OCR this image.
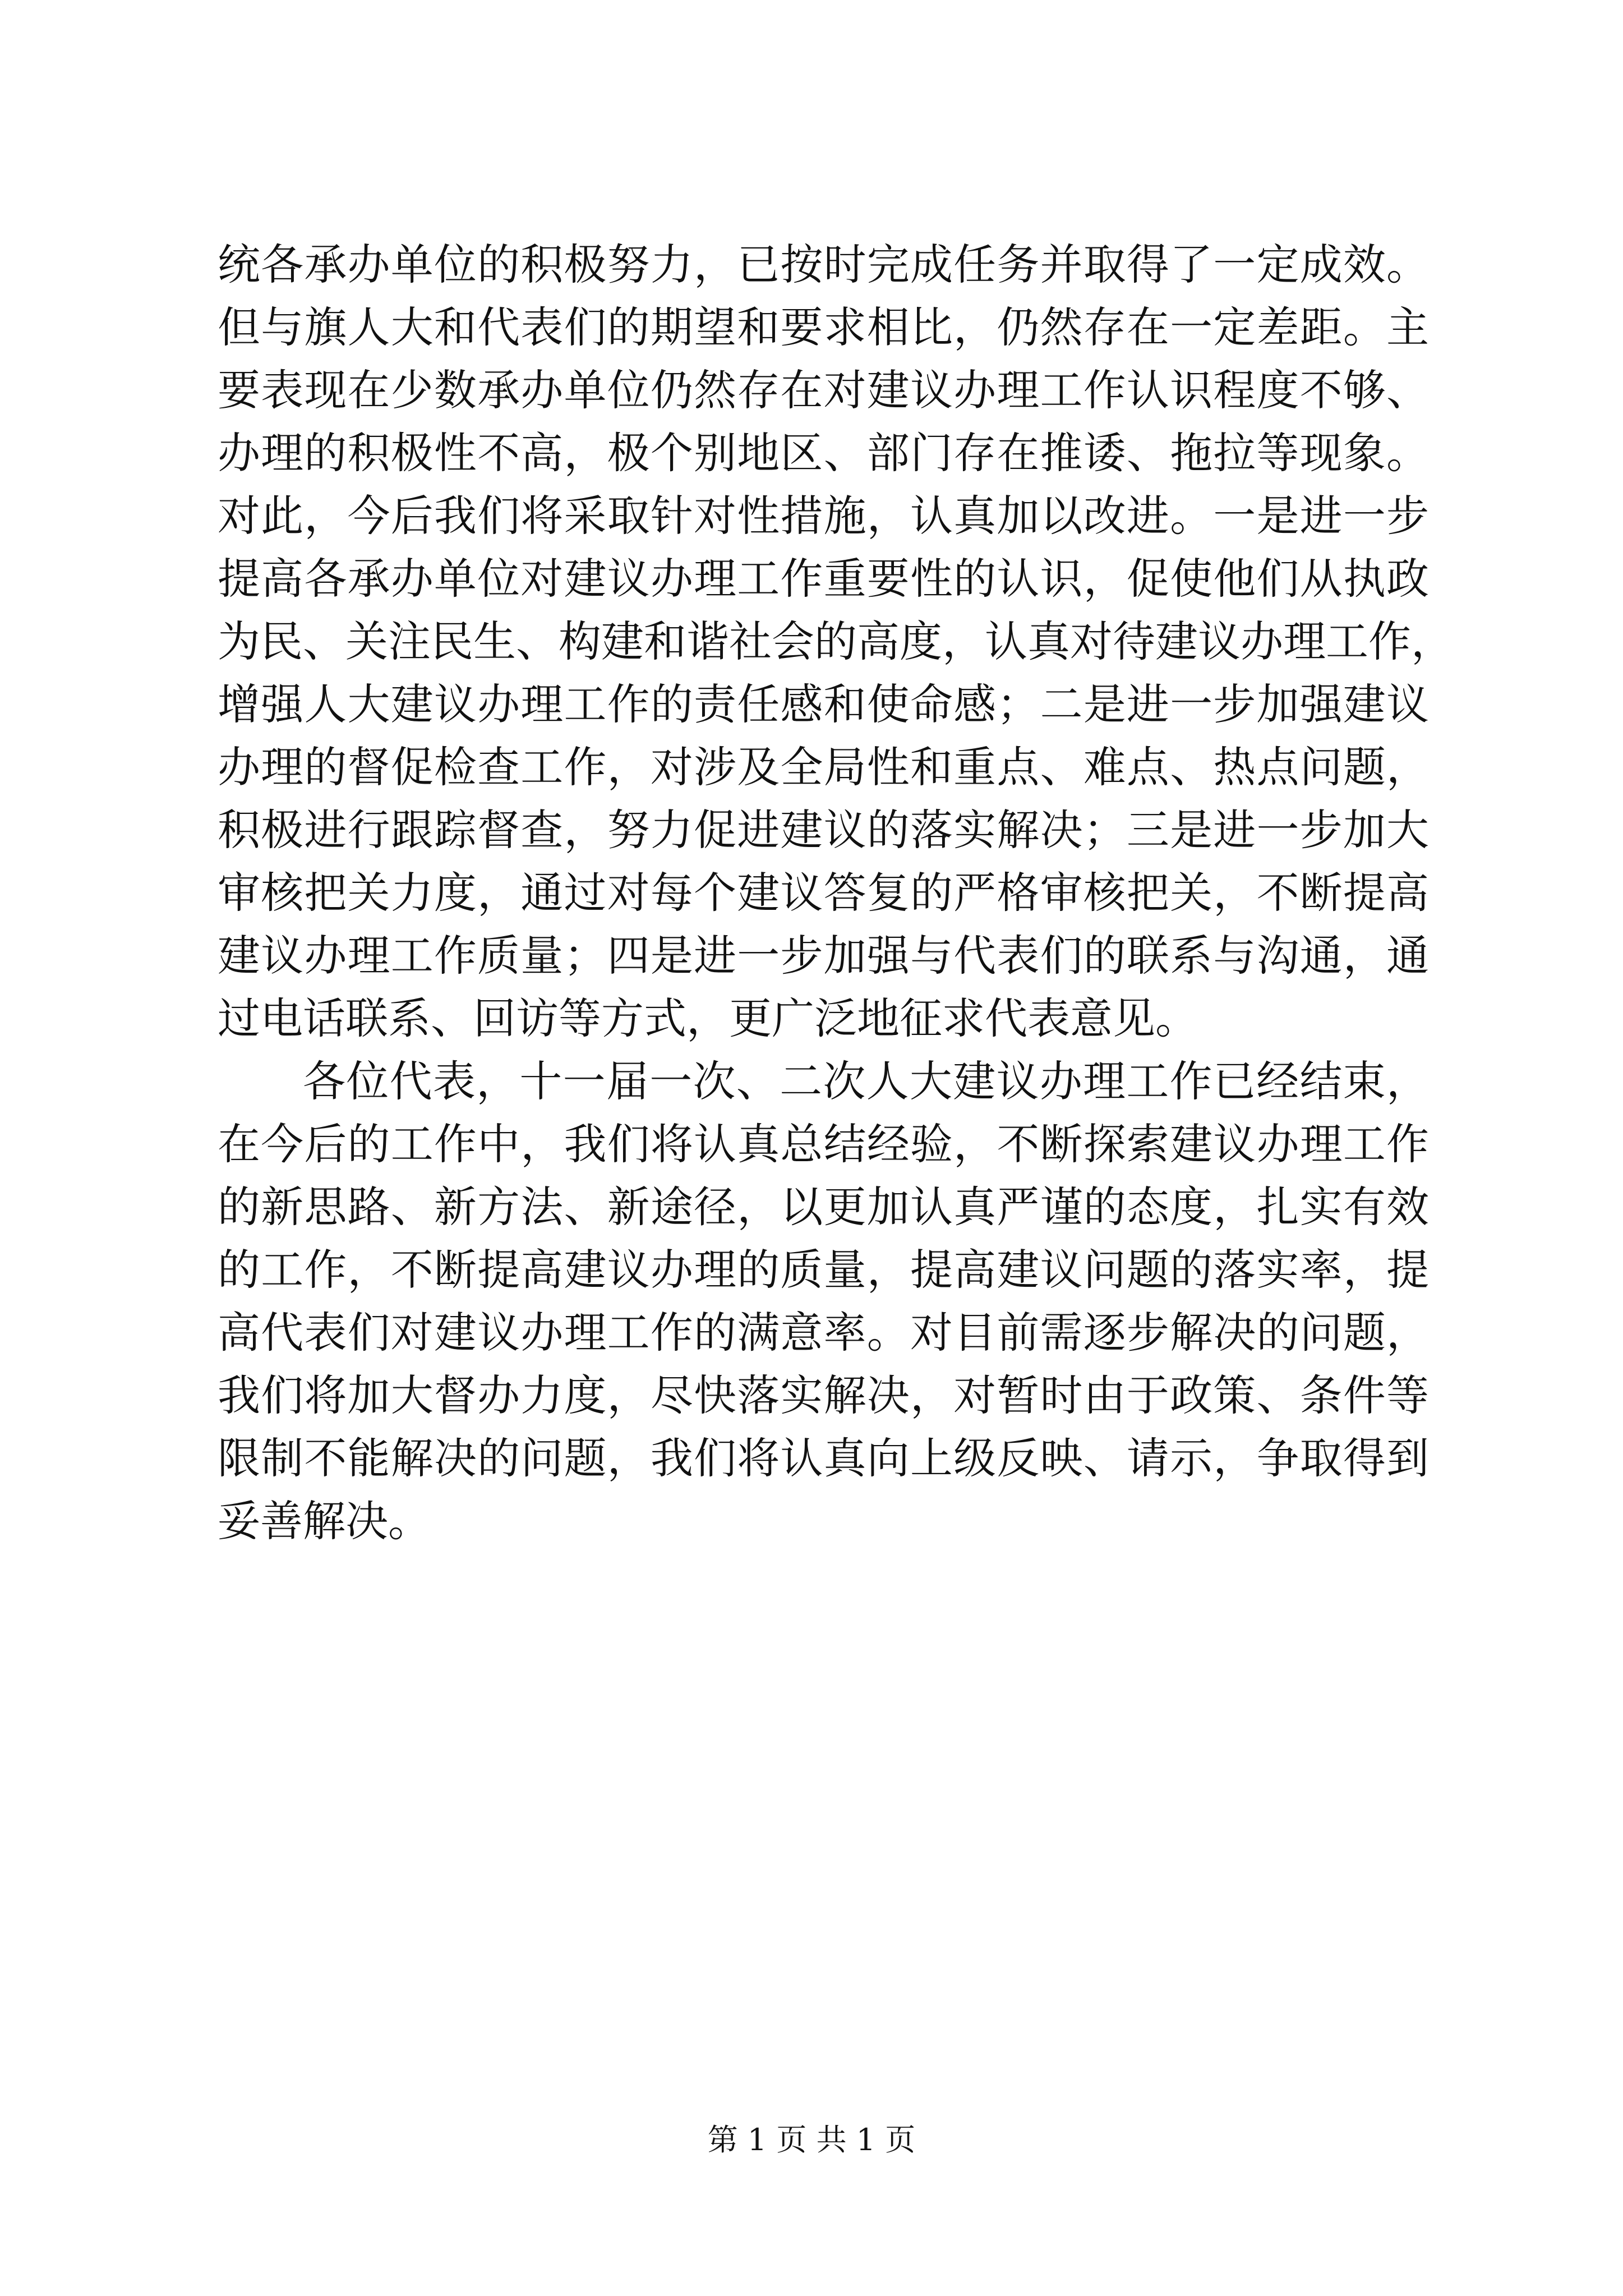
统各承办单位的积极努力，已按时完成任务并取得了一定成效。
但与旗人大和代表们的期望和要求相比，仍然存在一定差距。主
要表现在少数承办单位仍然存在对建议办理工作认识程度不够、
办理的积极性不高，极个别地区、部门存在推诿、拖拉等现象。
对此，今后我们将采取针对性措施，认真加以改进。一是进一步
提高各承办单位对建议办理工作重要性的认识，促使他们从执政
为民、关注民生、构建和谐社会的高度，认真对待建议办理工作，
增强人大建议办理工作的责任感和使命感；二是进一步加强建议
办理的督促检查工作，对涉及全局性和重点、难点、热点问题，
积极进行跟踪督查，努力促进建议的落实解决；三是进一步加大
审核把关力度，通过对每个建议答复的严格审核把关，不断提高
建议办理工作质量；四是进一步加强与代表们的联系与沟通，通
过电话联系、回访等方式，更广泛地征求代表意见。
各位代表，十一届一次、二次人大建议办理工作已经结束，
在今后的工作中，我们将认真总结经验，不断探索建议办理工作
的新思路、新方法、新途径，以更加认真严谨的态度，扎实有效
的工作，不断提高建议办理的质量，提高建议问题的落实率，提
高代表们对建议办理工作的满意率。对目前需逐步解决的问题，
我们将加大督办力度，尽快落实解决，对暂时由于政策、条件等
限制不能解决的问题，我们将认真向上级反映、请示，争取得到
妥善解决。
第 1 页 共 1 页
